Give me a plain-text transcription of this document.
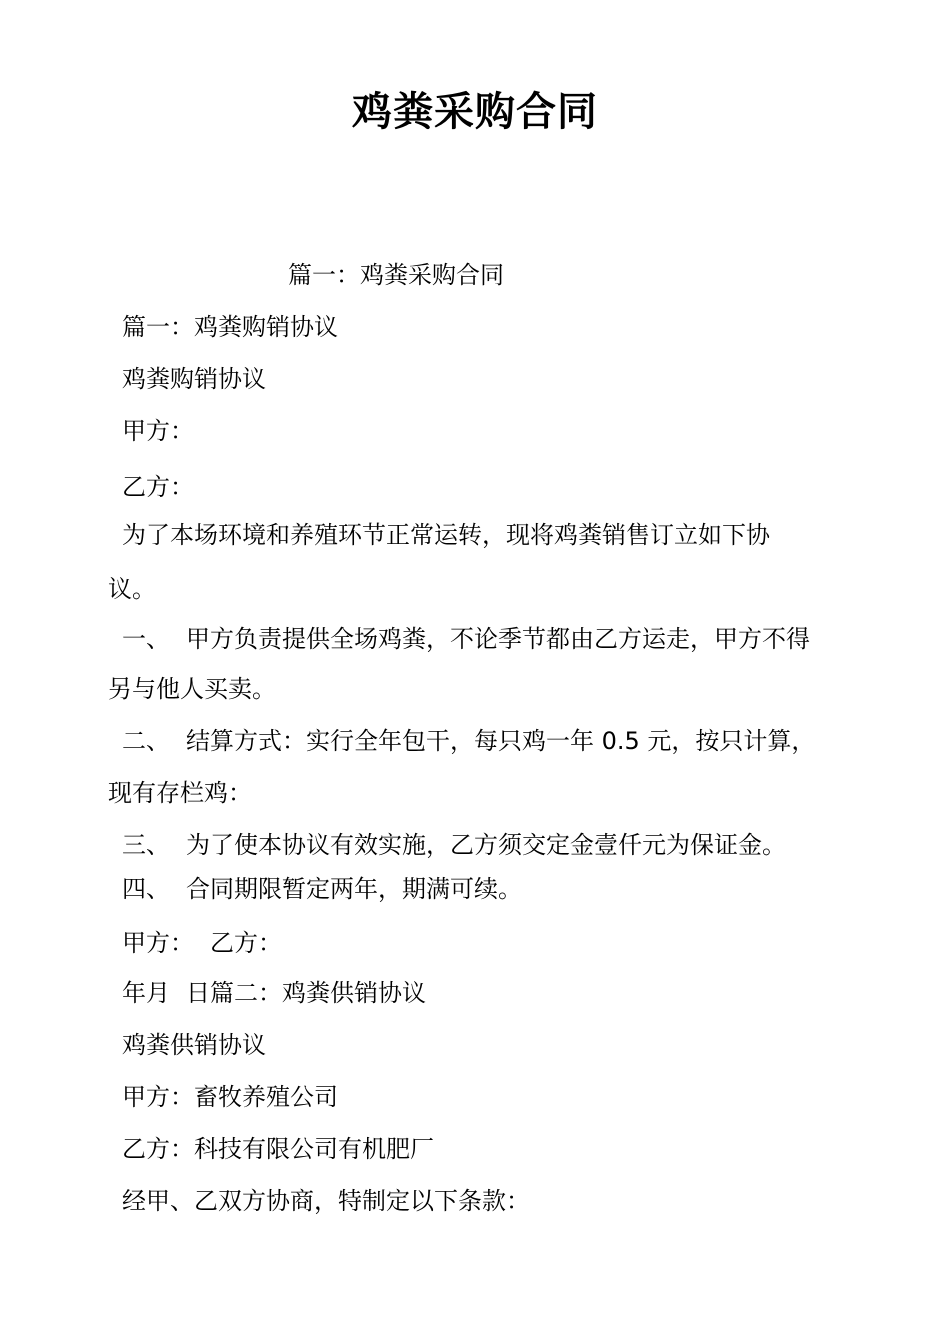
鸡粪采购合同
篇一：鸡粪采购合同
篇一：鸡粪购销协议
鸡粪购销协议
甲方：
乙方：
为了本场环境和养殖环节正常运转，现将鸡粪销售订立如下协
议。
一、 甲方负责提供全场鸡粪，不论季节都由乙方运走，甲方不得
另与他人买卖。
二、 结算方式：实行全年包干，每只鸡一年 0.5 元，按只计算，
现有存栏鸡：
三、 为了使本协议有效实施，乙方须交定金壹仟元为保证金。
四、 合同期限暂定两年，期满可续。
甲方： 乙方：
年月 日篇二：鸡粪供销协议
鸡粪供销协议
甲方：畜牧养殖公司
乙方：科技有限公司有机肥厂
经甲、乙双方协商，特制定以下条款：
